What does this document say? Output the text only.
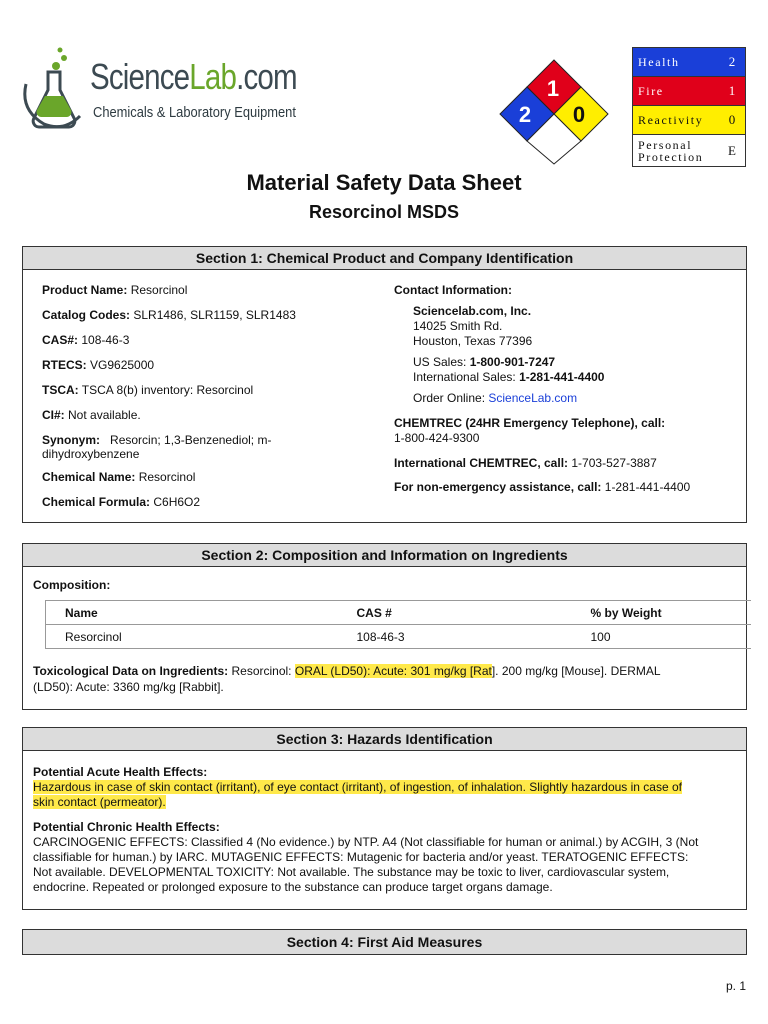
ScienceLab.com
Chemicals & Laboratory Equipment
1
2 0
Health	2
Fire	1
Reactivity	0
Personal
Protection	E
Material Safety Data Sheet
Resorcinol MSDS
Section 1: Chemical Product and Company Identification
Product Name: Resorcinol
Catalog Codes: SLR1486, SLR1159, SLR1483
CAS#: 108-46-3
RTECS: VG9625000
TSCA: TSCA 8(b) inventory: Resorcinol
CI#: Not available.
Synonym: Resorcin; 1,3-Benzenediol; m-
dihydroxybenzene
Chemical Name: Resorcinol
Chemical Formula: C6H6O2
Contact Information:
Sciencelab.com, Inc.
14025 Smith Rd.
Houston, Texas 77396
US Sales: 1-800-901-7247
International Sales: 1-281-441-4400
Order Online: ScienceLab.com
CHEMTREC (24HR Emergency Telephone), call:
1-800-424-9300
International CHEMTREC, call: 1-703-527-3887
For non-emergency assistance, call: 1-281-441-4400
Section 2: Composition and Information on Ingredients
Composition:
Name	CAS #	% by Weight
Resorcinol	108-46-3	100
Toxicological Data on Ingredients: Resorcinol: ORAL (LD50): Acute: 301 mg/kg [Rat]. 200 mg/kg [Mouse]. DERMAL
(LD50): Acute: 3360 mg/kg [Rabbit].
Section 3: Hazards Identification
Potential Acute Health Effects:
Hazardous in case of skin contact (irritant), of eye contact (irritant), of ingestion, of inhalation. Slightly hazardous in case of
skin contact (permeator).
Potential Chronic Health Effects:
CARCINOGENIC EFFECTS: Classified 4 (No evidence.) by NTP. A4 (Not classifiable for human or animal.) by ACGIH, 3 (Not
classifiable for human.) by IARC. MUTAGENIC EFFECTS: Mutagenic for bacteria and/or yeast. TERATOGENIC EFFECTS:
Not available. DEVELOPMENTAL TOXICITY: Not available. The substance may be toxic to liver, cardiovascular system,
endocrine. Repeated or prolonged exposure to the substance can produce target organs damage.
Section 4: First Aid Measures
p. 1
